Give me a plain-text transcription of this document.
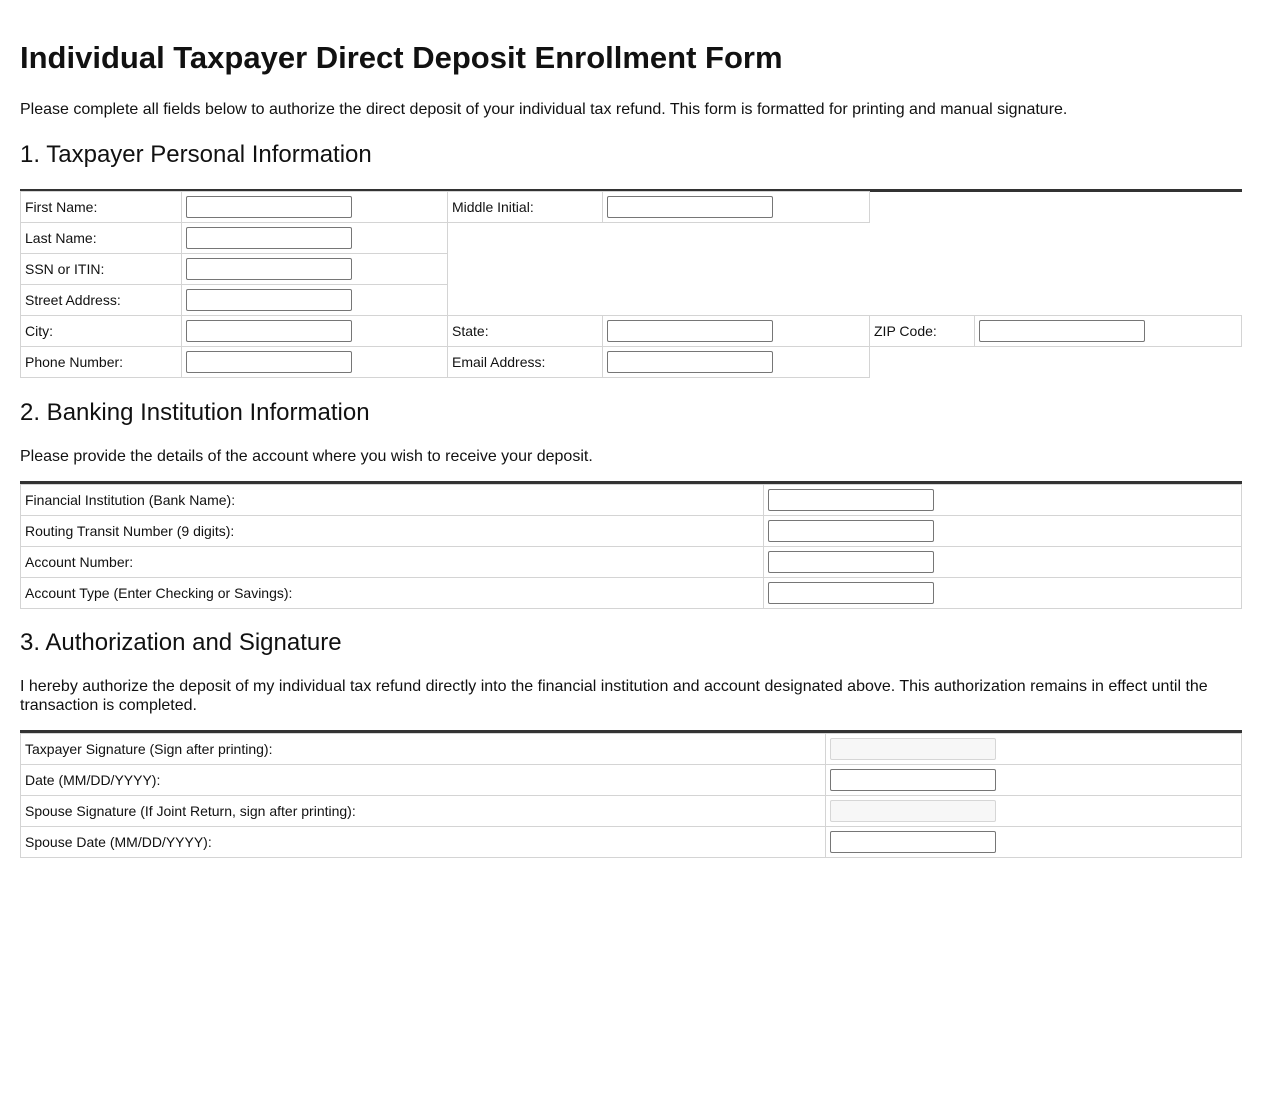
Individual Taxpayer Direct Deposit Enrollment Form

Please complete all fields below to authorize the direct deposit of your individual tax refund. This form is formatted for printing and manual signature.

1. Taxpayer Personal Information
First Name:	Middle Initial:
Last Name:
SSN or ITIN:
Street Address:
City:	State:	ZIP Code:
Phone Number:	Email Address:
2. Banking Institution Information

Please provide the details of the account where you wish to receive your deposit.

Financial Institution (Bank Name):
Routing Transit Number (9 digits):
Account Number:
Account Type (Enter Checking or Savings):
3. Authorization and Signature

I hereby authorize the deposit of my individual tax refund directly into the financial institution and account designated above. This authorization remains in effect until the transaction is completed.

Taxpayer Signature (Sign after printing):
Date (MM/DD/YYYY):
Spouse Signature (If Joint Return, sign after printing):
Spouse Date (MM/DD/YYYY):
